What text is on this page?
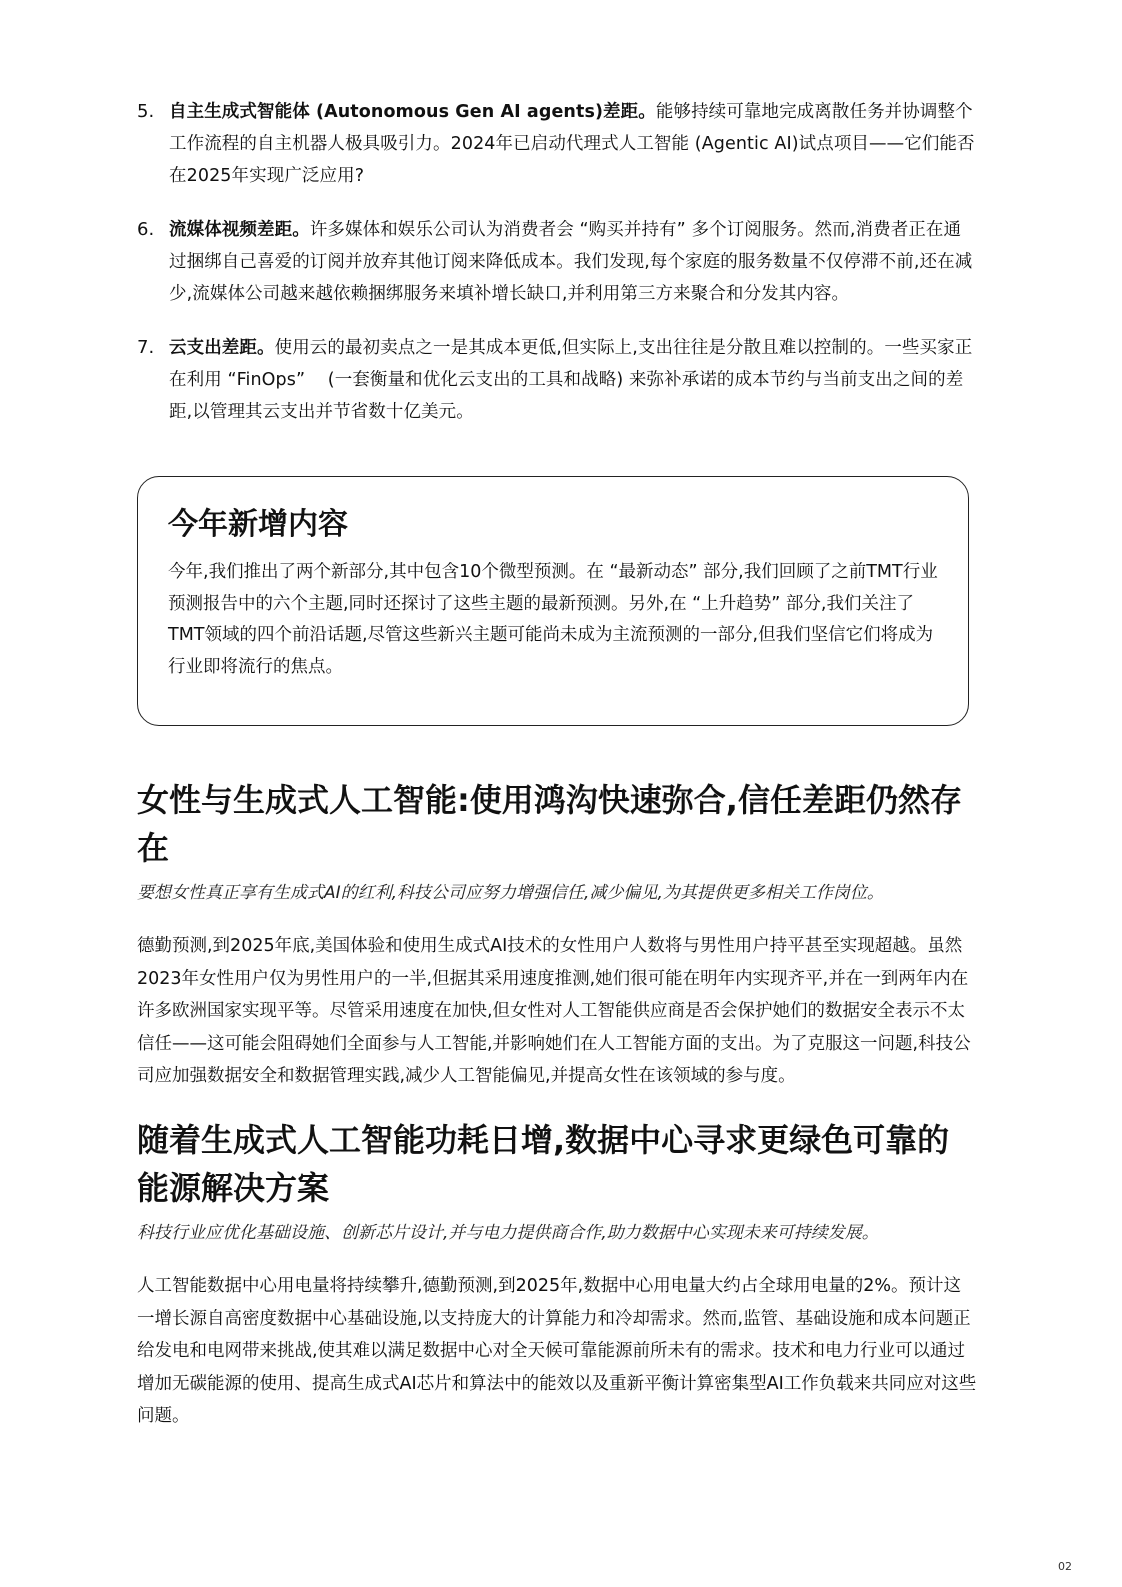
5. 自主生成式智能体 (Autonomous Gen AI agents)差距。能够持续可靠地完成离散任务并协调整个工作流程的自主机器人极具吸引力。2024年已启动代理式人工智能 (Agentic AI)试点项目——它们能否在2025年实现广泛应用?
6. 流媒体视频差距。许多媒体和娱乐公司认为消费者会 “购买并持有” 多个订阅服务。然而,消费者正在通过捆绑自己喜爱的订阅并放弃其他订阅来降低成本。我们发现,每个家庭的服务数量不仅停滞不前,还在减少,流媒体公司越来越依赖捆绑服务来填补增长缺口,并利用第三方来聚合和分发其内容。
7. 云支出差距。使用云的最初卖点之一是其成本更低,但实际上,支出往往是分散且难以控制的。一些买家正在利用 “FinOps”    (一套衡量和优化云支出的工具和战略) 来弥补承诺的成本节约与当前支出之间的差距,以管理其云支出并节省数十亿美元。
今年新增内容

今年,我们推出了两个新部分,其中包含10个微型预测。在 “最新动态” 部分,我们回顾了之前TMT行业预测报告中的六个主题,同时还探讨了这些主题的最新预测。另外,在 “上升趋势” 部分,我们关注了TMT领域的四个前沿话题,尽管这些新兴主题可能尚未成为主流预测的一部分,但我们坚信它们将成为行业即将流行的焦点。

女性与生成式人工智能:使用鸿沟快速弥合,信任差距仍然存在

要想女性真正享有生成式AI的红利,科技公司应努力增强信任,减少偏见,为其提供更多相关工作岗位。

德勤预测,到2025年底,美国体验和使用生成式AI技术的女性用户人数将与男性用户持平甚至实现超越。虽然2023年女性用户仅为男性用户的一半,但据其采用速度推测,她们很可能在明年内实现齐平,并在一到两年内在许多欧洲国家实现平等。尽管采用速度在加快,但女性对人工智能供应商是否会保护她们的数据安全表示不太信任——这可能会阻碍她们全面参与人工智能,并影响她们在人工智能方面的支出。为了克服这一问题,科技公司应加强数据安全和数据管理实践,减少人工智能偏见,并提高女性在该领域的参与度。

随着生成式人工智能功耗日增,数据中心寻求更绿色可靠的能源解决方案

科技行业应优化基础设施、创新芯片设计,并与电力提供商合作,助力数据中心实现未来可持续发展。

人工智能数据中心用电量将持续攀升,德勤预测,到2025年,数据中心用电量大约占全球用电量的2%。预计这一增长源自高密度数据中心基础设施,以支持庞大的计算能力和冷却需求。然而,监管、基础设施和成本问题正给发电和电网带来挑战,使其难以满足数据中心对全天候可靠能源前所未有的需求。技术和电力行业可以通过增加无碳能源的使用、提高生成式AI芯片和算法中的能效以及重新平衡计算密集型AI工作负载来共同应对这些问题。

02
